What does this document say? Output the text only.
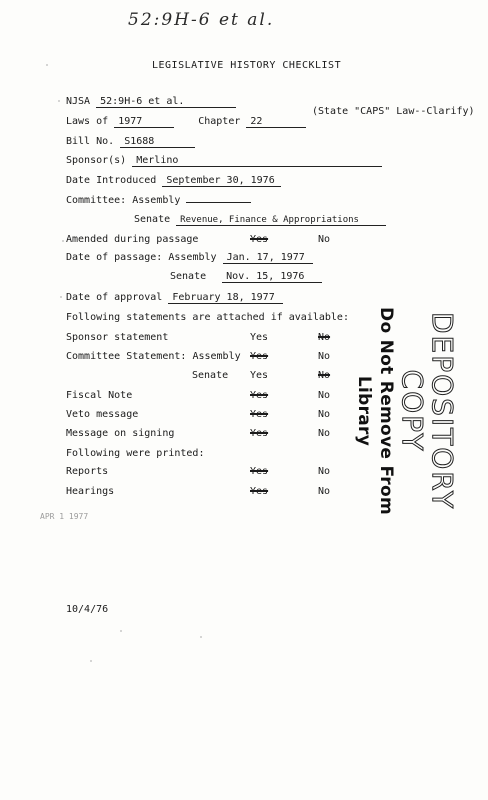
52:9H-6 et al.
LEGISLATIVE HISTORY CHECKLIST
NJSA 52:9H-6 et al.
Laws of 1977	Chapter 22
(State "CAPS" Law--Clarify)
Bill No. S1688
Sponsor(s) Merlino
Date Introduced September 30, 1976
Committee: Assembly
Senate Revenue, Finance & Appropriations
Amended during passage	Yes	No
Date of passage: Assembly Jan. 17, 1977
Senate Nov. 15, 1976
Date of approval February 18, 1977
Following statements are attached if available:
Sponsor statement	Yes	No
Committee Statement: Assembly Yes	No
Senate Yes	No
Fiscal Note	Yes	No
Veto message	Yes	No
Message on signing	Yes	No
Following were printed:
Reports	Yes	No
Hearings	Yes	No	DEPOSITORY COPY
Do Not Remove From Library
APR 1 1977
10/4/76
